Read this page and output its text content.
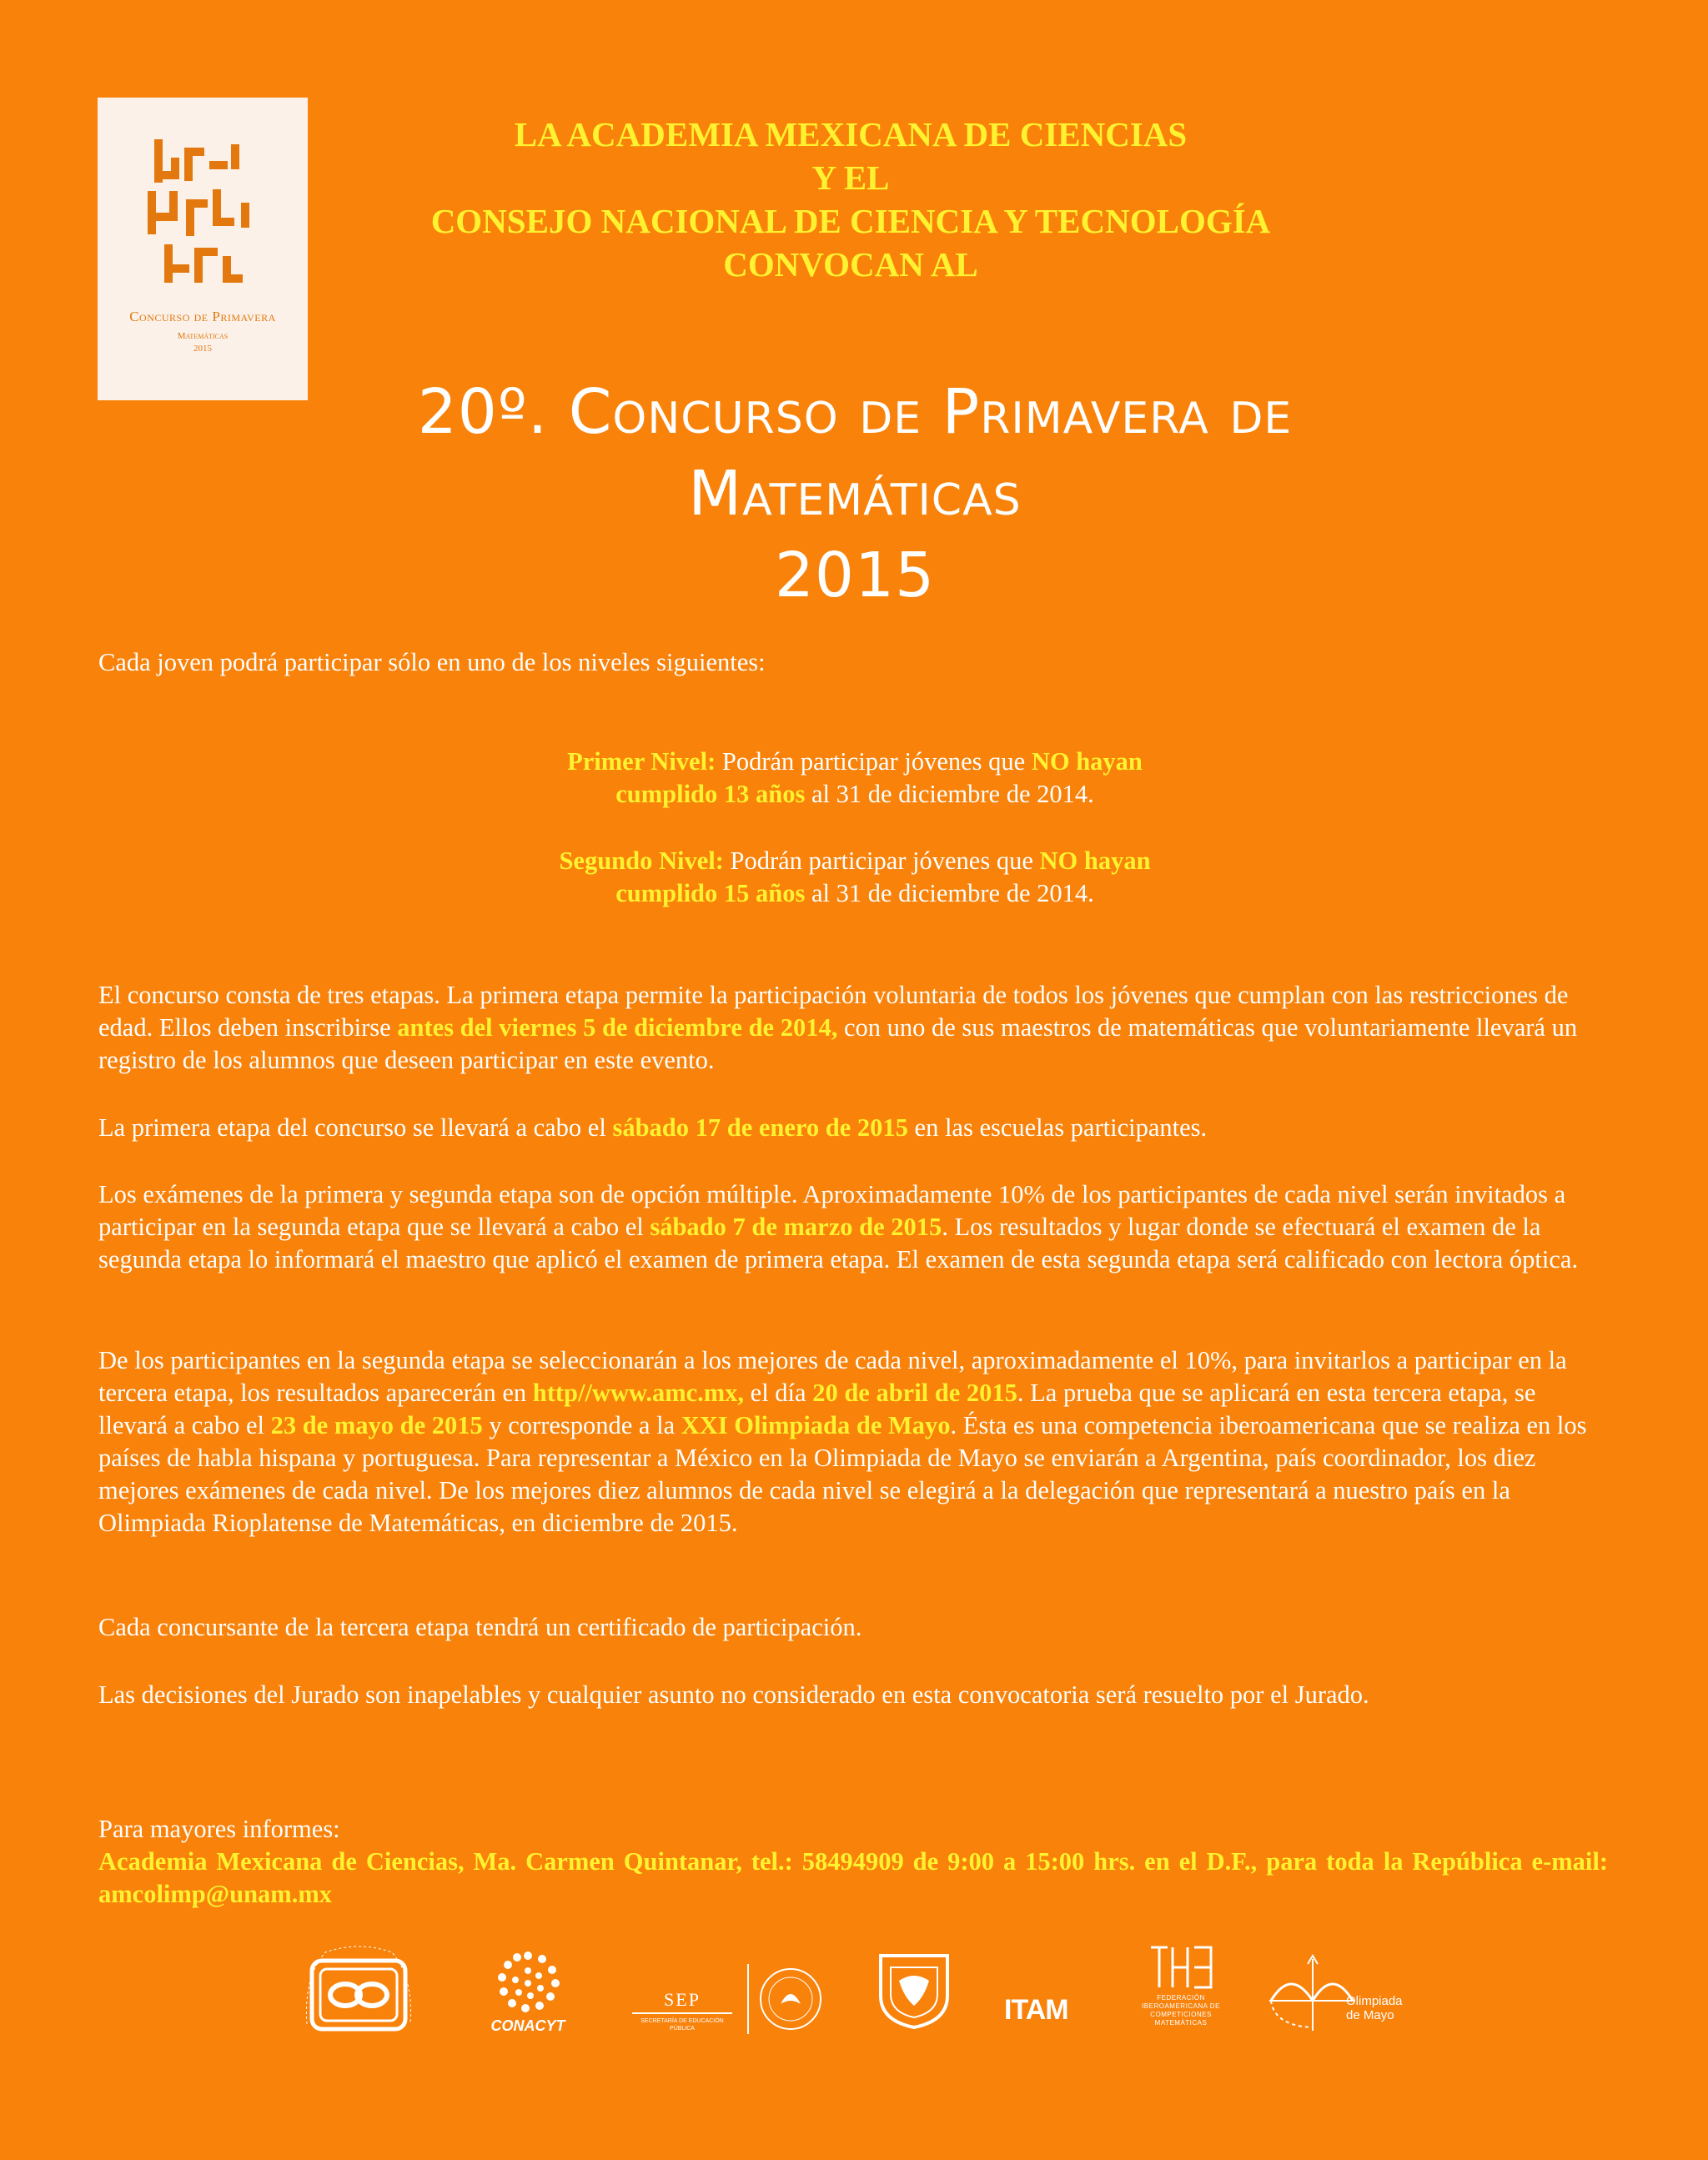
Concurso de Primavera
Matemáticas
2015
LA ACADEMIA MEXICANA DE CIENCIAS
Y EL
CONSEJO NACIONAL DE CIENCIA Y TECNOLOGÍA
CONVOCAN AL
20º. Concurso de Primavera de
Matemáticas
2015
Cada joven podrá participar sólo en uno de los niveles siguientes:
Primer Nivel: Podrán participar jóvenes que NO hayan
cumplido 13 años al 31 de diciembre de 2014.
Segundo Nivel: Podrán participar jóvenes que NO hayan
cumplido 15 años al 31 de diciembre de 2014.
El concurso consta de tres etapas. La primera etapa permite la participación voluntaria de todos los jóvenes que cumplan con las restricciones de edad. Ellos deben inscribirse antes del viernes 5 de diciembre de 2014, con uno de sus maestros de matemáticas que voluntariamente llevará un registro de los alumnos que deseen participar en este evento.
La primera etapa del concurso se llevará a cabo el sábado 17 de enero de 2015 en las escuelas participantes.
Los exámenes de la primera y segunda etapa son de opción múltiple. Aproximadamente 10% de los participantes de cada nivel serán invitados a participar en la segunda etapa que se llevará a cabo el sábado 7 de marzo de 2015. Los resultados y lugar donde se efectuará el examen de la segunda etapa lo informará el maestro que aplicó el examen de primera etapa. El examen de esta segunda etapa será calificado con lectora óptica.
De los participantes en la segunda etapa se seleccionarán a los mejores de cada nivel, aproximadamente el 10%, para invitarlos a participar en la tercera etapa, los resultados aparecerán en http//www.amc.mx, el día 20 de abril de 2015. La prueba que se aplicará en esta tercera etapa, se llevará a cabo el 23 de mayo de 2015 y corresponde a la XXI Olimpiada de Mayo. Ésta es una competencia iberoamericana que se realiza en los países de habla hispana y portuguesa. Para representar a México en la Olimpiada de Mayo se enviarán a Argentina, país coordinador, los diez mejores exámenes de cada nivel. De los mejores diez alumnos de cada nivel se elegirá a la delegación que representará a nuestro país en la Olimpiada Rioplatense de Matemáticas, en diciembre de 2015.
Cada concursante de la tercera etapa tendrá un certificado de participación.
Las decisiones del Jurado son inapelables y cualquier asunto no considerado en esta convocatoria será resuelto por el Jurado.
Para mayores informes:
Academia Mexicana de Ciencias, Ma. Carmen Quintanar, tel.: 58494909 de 9:00 a 15:00 hrs. en el D.F., para toda la República e-mail: amcolimp@unam.mx
CONACYT
SEP
SECRETARÍA DE EDUCACIÓN PÚBLICA
ITAM	FEDERACIÓN IBEROAMERICANA DE COMPETICIONES MATEMÁTICAS
Olimpiada de Mayo
